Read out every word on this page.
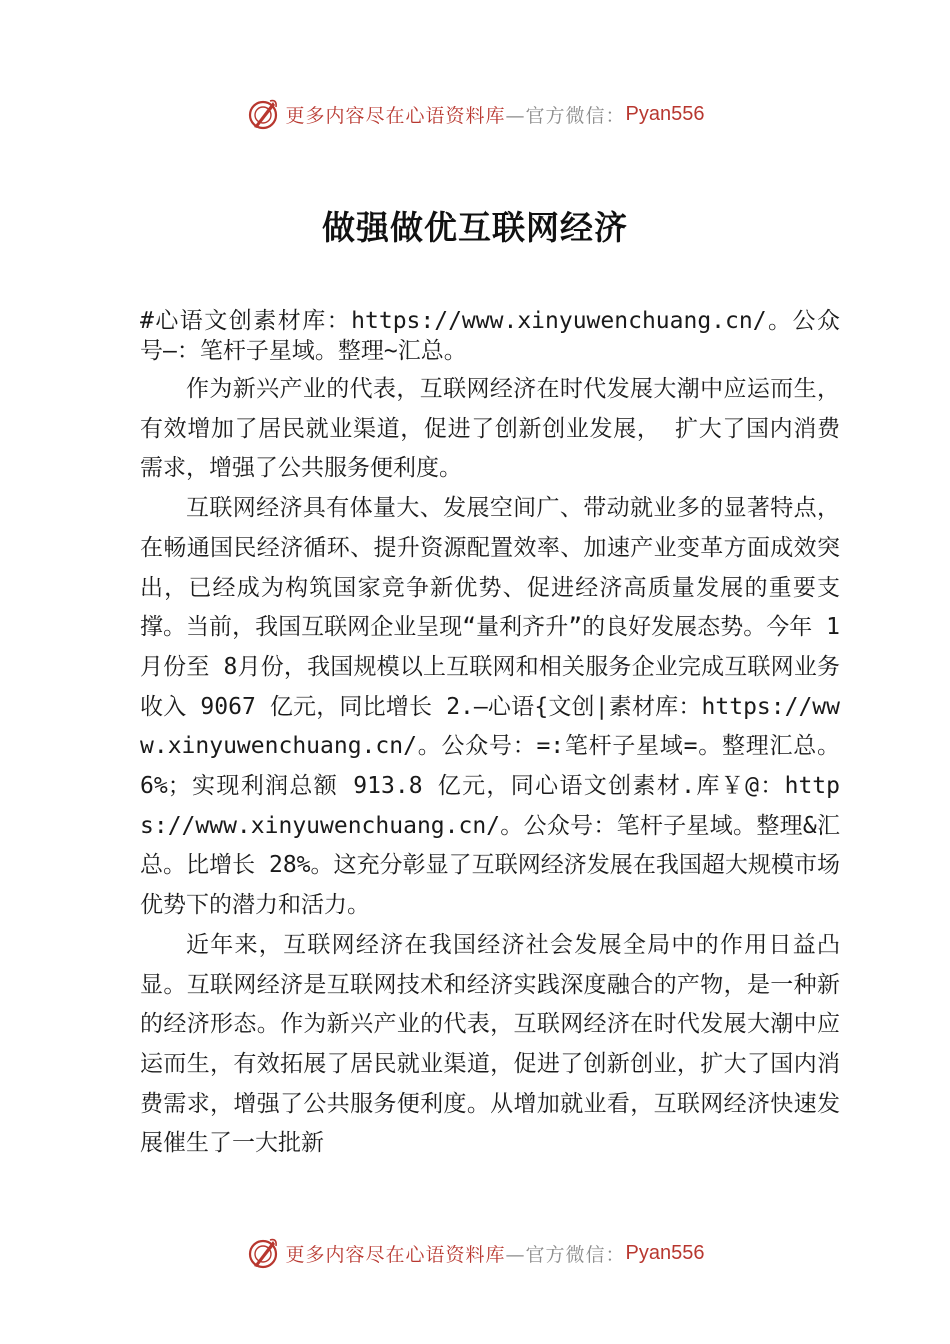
更多内容尽在心语资料库 —官方微信： Pyan556
做强做优互联网经济

#心语文创素材库：https://www.xinyuwenchuang.cn/。公众号—：笔杆子星域。整理~汇总。

作为新兴产业的代表，互联网经济在时代发展大潮中应运而生，有效增加了居民就业渠道，促进了创新创业发展， 扩大了国内消费需求，增强了公共服务便利度。

互联网经济具有体量大、发展空间广、带动就业多的显著特点，在畅通国民经济循环、提升资源配置效率、加速产业变革方面成效突出，已经成为构筑国家竞争新优势、促进经济高质量发展的重要支撑。当前，我国互联网企业呈现“量利齐升”的良好发展态势。今年 1月份至 8月份，我国规模以上互联网和相关服务企业完成互联网业务收入 9067 亿元，同比增长 2.—心语{文创|素材库：https://www.xinyuwenchuang.cn/。公众号：=:笔杆子星域=。整理汇总。6%；实现利润总额 913.8 亿元，同心语文创素材.库￥@：https://www.xinyuwenchuang.cn/。公众号：笔杆子星域。整理&汇总。比增长 28%。这充分彰显了互联网经济发展在我国超大规模市场优势下的潜力和活力。

近年来，互联网经济在我国经济社会发展全局中的作用日益凸显。互联网经济是互联网技术和经济实践深度融合的产物，是一种新的经济形态。作为新兴产业的代表，互联网经济在时代发展大潮中应运而生，有效拓展了居民就业渠道，促进了创新创业，扩大了国内消费需求，增强了公共服务便利度。从增加就业看，互联网经济快速发展催生了一大批新

更多内容尽在心语资料库 —官方微信： Pyan556
